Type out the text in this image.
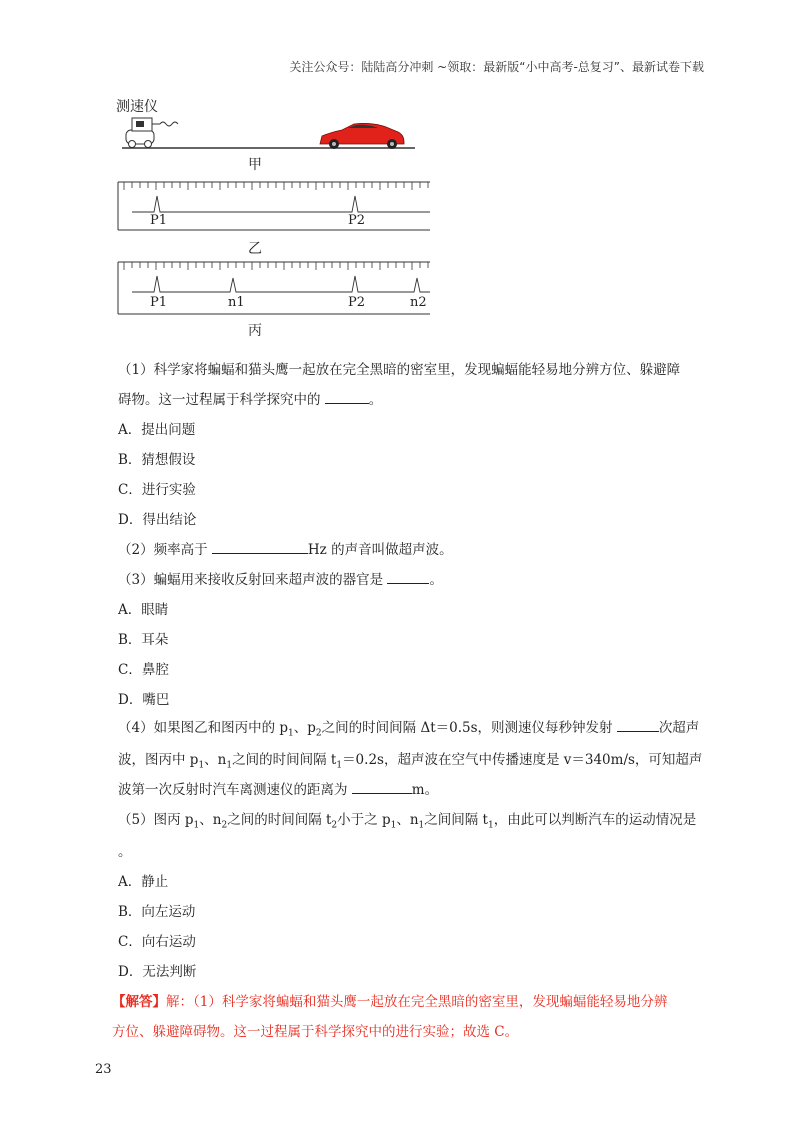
关注公众号：陆陆高分冲刺 ~领取：最新版“小中高考-总复习”、最新试卷下载
测速仪
甲
乙
丙
P1	P2
P1	n1	P2	n2
（1）科学家将蝙蝠和猫头鹰一起放在完全黑暗的密室里，发现蝙蝠能轻易地分辨方位、躲避障
碍物。这一过程属于科学探究中的	。
A．提出问题
B．猜想假设
C．进行实验
D．得出结论
（2）频率高于	Hz 的声音叫做超声波。
（3）蝙蝠用来接收反射回来超声波的器官是	。
A．眼睛
B．耳朵
C．鼻腔
D．嘴巴
（4）如果图乙和图丙中的 $p_1$、$p_2$之间的时间间隔 Δt＝0.5s，则测速仪每秒钟发射	次超声
波，图丙中 $p_1$、$n_1$之间的时间间隔 $t_1=0.2s$，超声波在空气中传播速度是 v＝340m/s，可知超声
波第一次反射时汽车离测速仪的距离为	m。
（5）图丙 $p_1$、$n_2$之间的时间间隔 $t_2$小于之 $p_1$、$n_1$之间间隔 $t_1$，由此可以判断汽车的运动情况是
。
A．静止
B．向左运动
C．向右运动
D．无法判断
【解答】解：（1）科学家将蝙蝠和猫头鹰一起放在完全黑暗的密室里，发现蝙蝠能轻易地分辨
方位、躲避障碍物。这一过程属于科学探究中的进行实验；故选 C。
23
